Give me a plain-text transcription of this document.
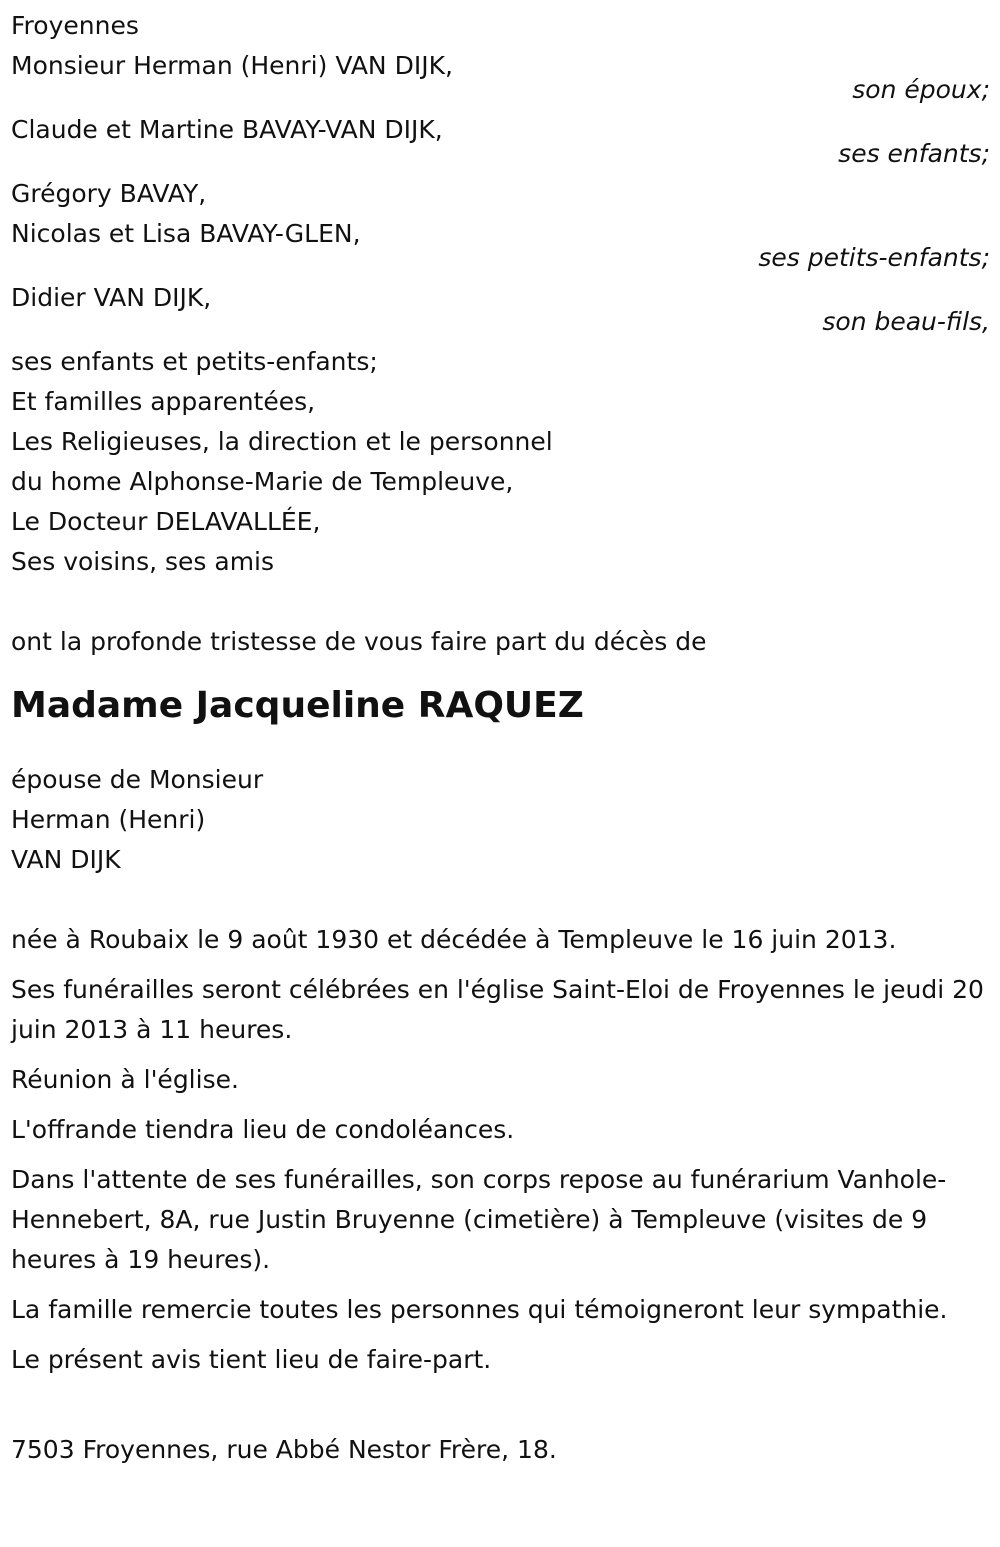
Froyennes

Monsieur Herman (Henri) VAN DIJK,

son époux;

Claude et Martine BAVAY-VAN DIJK,

ses enfants;

Grégory BAVAY,

Nicolas et Lisa BAVAY-GLEN,

ses petits-enfants;

Didier VAN DIJK,

son beau-fils,

ses enfants et petits-enfants;

Et familles apparentées,

Les Religieuses, la direction et le personnel

du home Alphonse-Marie de Templeuve,

Le Docteur DELAVALLÉE,

Ses voisins, ses amis

ont la profonde tristesse de vous faire part du décès de

Madame Jacqueline RAQUEZ

épouse de Monsieur

Herman (Henri)

VAN DIJK

née à Roubaix le 9 août 1930 et décédée à Templeuve le 16 juin 2013.

Ses funérailles seront célébrées en l'église Saint-Eloi de Froyennes le jeudi 20 juin 2013 à 11 heures.

Réunion à l'église.

L'offrande tiendra lieu de condoléances.

Dans l'attente de ses funérailles, son corps repose au funérarium Vanhole-Hennebert, 8A, rue Justin Bruyenne (cimetière) à Templeuve (visites de 9 heures à 19 heures).

La famille remercie toutes les personnes qui témoigneront leur sympathie.

Le présent avis tient lieu de faire-part.

7503 Froyennes, rue Abbé Nestor Frère, 18.
